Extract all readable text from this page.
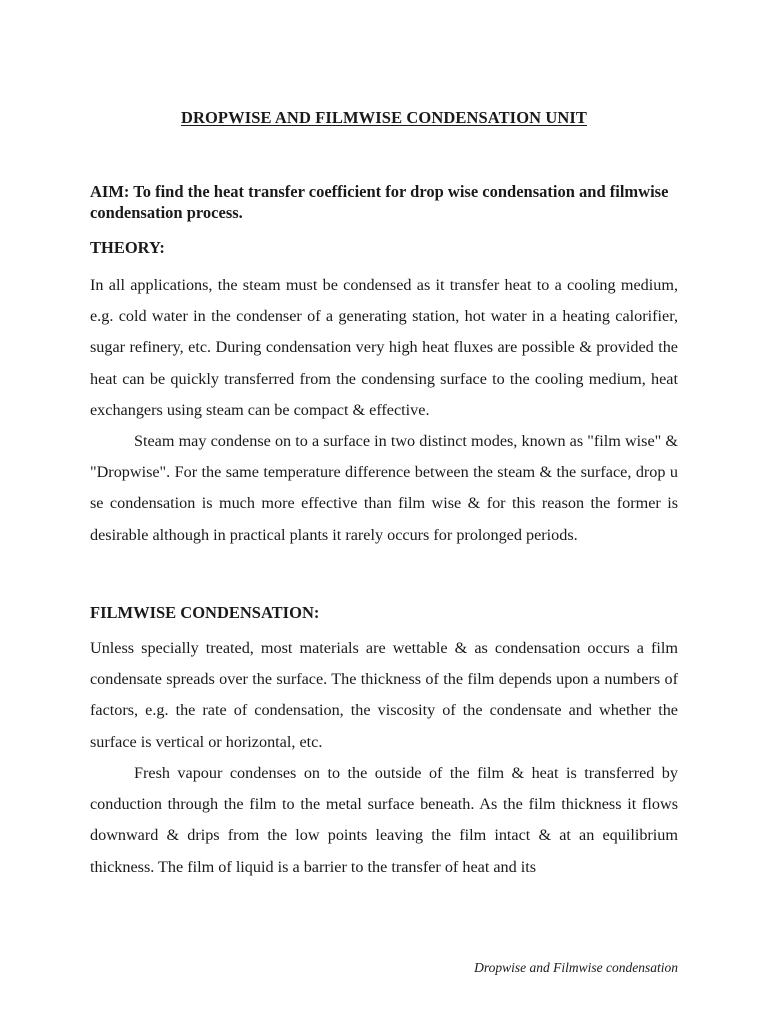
DROPWISE AND FILMWISE CONDENSATION UNIT
AIM: To find the heat transfer coefficient for drop wise condensation and filmwise condensation process.
THEORY:
In all applications, the steam must be condensed as it transfer heat to a cooling medium, e.g. cold water in the condenser of a generating station, hot water in a heating calorifier, sugar refinery, etc. During condensation very high heat fluxes are possible & provided the heat can be quickly transferred from the condensing surface to the cooling medium, heat exchangers using steam can be compact & effective.
Steam may condense on to a surface in two distinct modes, known as "film wise" & "Dropwise". For the same temperature difference between the steam & the surface, drop u se condensation is much more effective than film wise & for this reason the former is desirable although in practical plants it rarely occurs for prolonged periods.
FILMWISE CONDENSATION:
Unless specially treated, most materials are wettable & as condensation occurs a film condensate spreads over the surface. The thickness of the film depends upon a numbers of factors, e.g. the rate of condensation, the viscosity of the condensate and whether the surface is vertical or horizontal, etc.
Fresh vapour condenses on to the outside of the film & heat is transferred by conduction through the film to the metal surface beneath. As the film thickness it flows downward & drips from the low points leaving the film intact & at an equilibrium thickness. The film of liquid is a barrier to the transfer of heat and its
Dropwise and Filmwise condensation
